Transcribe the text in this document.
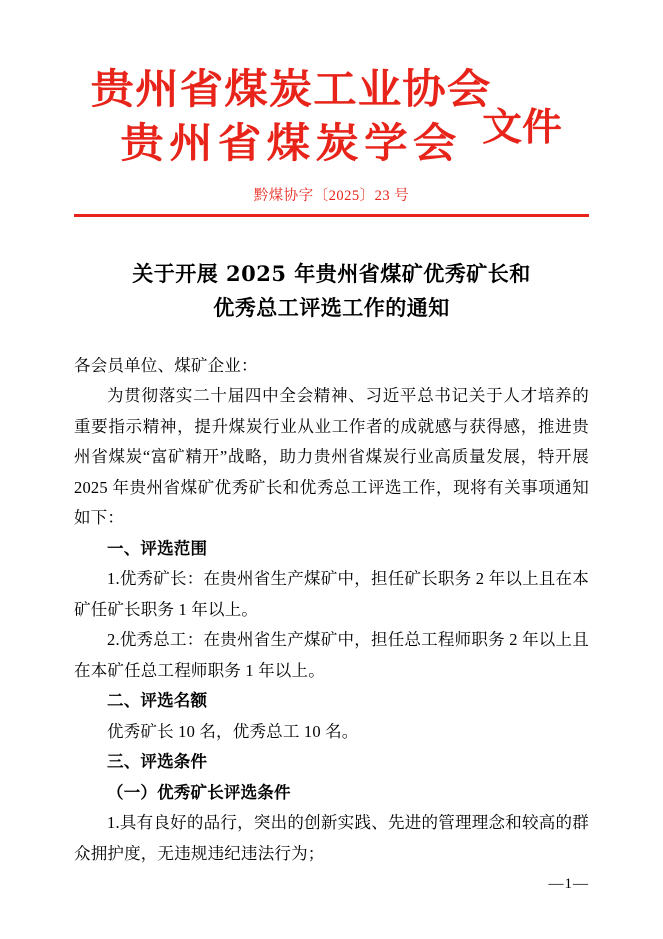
贵州省煤炭工业协会
贵州省煤炭学会 文件
黔煤协字〔2025〕23 号
关于开展 2025 年贵州省煤矿优秀矿长和
优秀总工评选工作的通知

各会员单位、煤矿企业：

为贯彻落实二十届四中全会精神、习近平总书记关于人才培养的重要指示精神，提升煤炭行业从业工作者的成就感与获得感，推进贵州省煤炭“富矿精开”战略，助力贵州省煤炭行业高质量发展，特开展 2025 年贵州省煤矿优秀矿长和优秀总工评选工作，现将有关事项通知如下：

一、评选范围

1.优秀矿长：在贵州省生产煤矿中，担任矿长职务 2 年以上且在本矿任矿长职务 1 年以上。

2.优秀总工：在贵州省生产煤矿中，担任总工程师职务 2 年以上且在本矿任总工程师职务 1 年以上。

二、评选名额

优秀矿长 10 名，优秀总工 10 名。

三、评选条件

（一）优秀矿长评选条件

1.具有良好的品行，突出的创新实践、先进的管理理念和较高的群众拥护度，无违规违纪违法行为；

—1—
